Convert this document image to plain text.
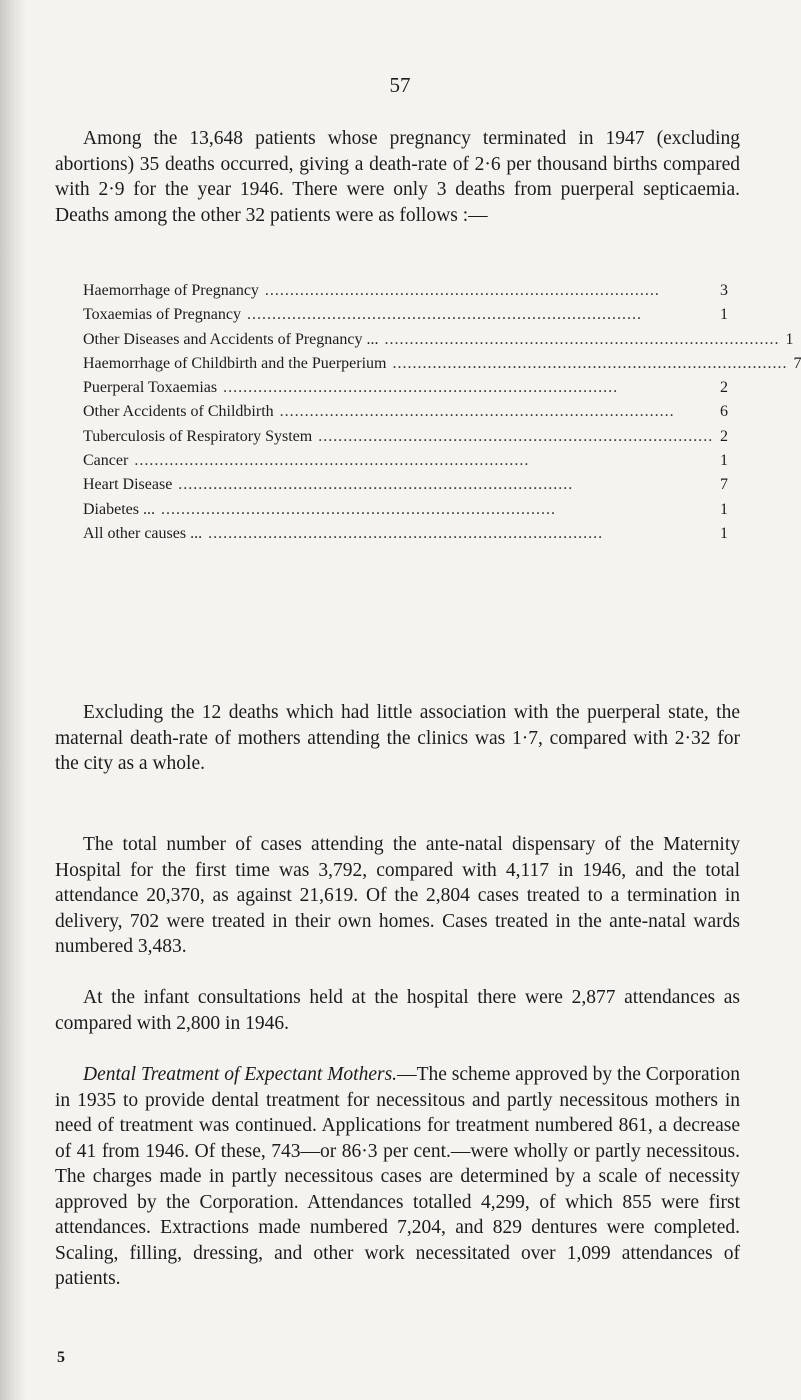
57

Among the 13,648 patients whose pregnancy terminated in 1947 (excluding abortions) 35 deaths occurred, giving a death-rate of 2·6 per thousand births compared with 2·9 for the year 1946. There were only 3 deaths from puerperal septicaemia. Deaths among the other 32 patients were as follows :—

Haemorrhage of Pregnancy ...............................................................................	3
Toxaemias of Pregnancy ...............................................................................	1
Other Diseases and Accidents of Pregnancy ... ............................................................................... 1
Haemorrhage of Childbirth and the Puerperium ............................................................................... 7
Puerperal Toxaemias ...............................................................................	2
Other Accidents of Childbirth ...............................................................................	6
Tuberculosis of Respiratory System ............................................................................... 2
Cancer ...............................................................................	1
Heart Disease ...............................................................................	7
Diabetes ... ...............................................................................	1
All other causes ... ...............................................................................	1

Excluding the 12 deaths which had little association with the puerperal state, the maternal death-rate of mothers attending the clinics was 1·7, compared with 2·32 for the city as a whole.

The total number of cases attending the ante-natal dispensary of the Maternity Hospital for the first time was 3,792, compared with 4,117 in 1946, and the total attendance 20,370, as against 21,619. Of the 2,804 cases treated to a termination in delivery, 702 were treated in their own homes. Cases treated in the ante-natal wards numbered 3,483.

At the infant consultations held at the hospital there were 2,877 attendances as compared with 2,800 in 1946.

Dental Treatment of Expectant Mothers.—The scheme approved by the Corporation in 1935 to provide dental treatment for necessitous and partly necessitous mothers in need of treatment was continued. Applications for treatment numbered 861, a decrease of 41 from 1946. Of these, 743—or 86·3 per cent.—were wholly or partly necessitous. The charges made in partly necessitous cases are determined by a scale of necessity approved by the Corporation. Attendances totalled 4,299, of which 855 were first attendances. Extractions made numbered 7,204, and 829 dentures were completed. Scaling, filling, dressing, and other work necessitated over 1,099 attendances of patients.

5
